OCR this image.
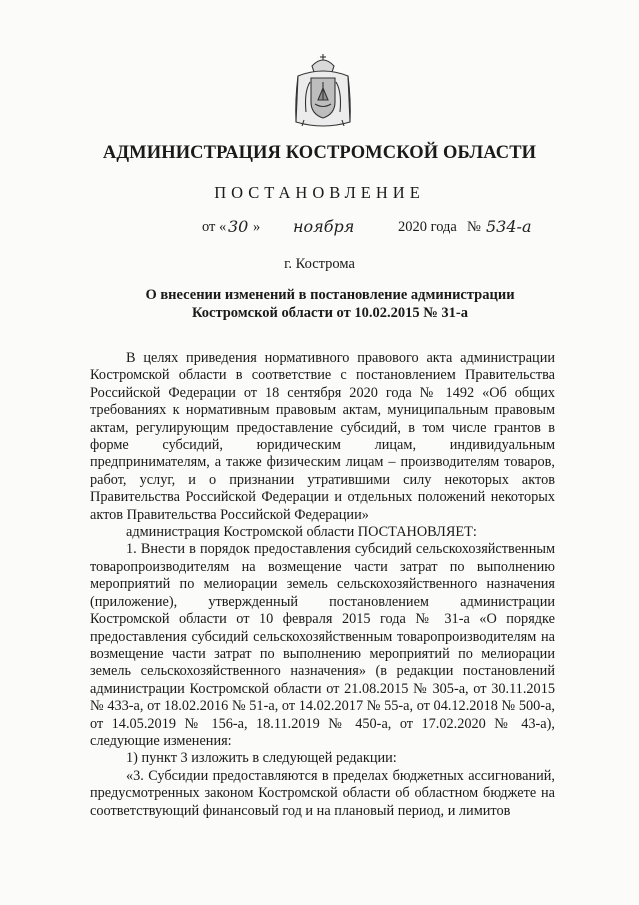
АДМИНИСТРАЦИЯ КОСТРОМСКОЙ ОБЛАСТИ
ПОСТАНОВЛЕНИЕ
от « 30 » ноября	2020 года № 534-а
г. Кострома
О внесении изменений в постановление администрации
Костромской области от 10.02.2015 № 31-а

В целях приведения нормативного правового акта администрации Костромской области в соответствие с постановлением Правительства Российской Федерации от 18 сентября 2020 года № 1492 «Об общих требованиях к нормативным правовым актам, муниципальным правовым актам, регулирующим предоставление субсидий, в том числе грантов в форме субсидий, юридическим лицам, индивидуальным предпринимателям, а также физическим лицам – производителям товаров, работ, услуг, и о признании утратившими силу некоторых актов Правительства Российской Федерации и отдельных положений некоторых актов Правительства Российской Федерации»

администрация Костромской области ПОСТАНОВЛЯЕТ:

1. Внести в порядок предоставления субсидий сельскохозяйственным товаропроизводителям на возмещение части затрат по выполнению мероприятий по мелиорации земель сельскохозяйственного назначения (приложение), утвержденный постановлением администрации Костромской области от 10 февраля 2015 года № 31-а «О порядке предоставления субсидий сельскохозяйственным товаропроизводителям на возмещение части затрат по выполнению мероприятий по мелиорации земель сельскохозяйственного назначения» (в редакции постановлений администрации Костромской области от 21.08.2015 № 305-а, от 30.11.2015 № 433-а, от 18.02.2016 № 51-а, от 14.02.2017 № 55-а, от 04.12.2018 № 500-а, от 14.05.2019 № 156-а, 18.11.2019 № 450-а, от 17.02.2020 № 43-а), следующие изменения:

1) пункт 3 изложить в следующей редакции:

«3. Субсидии предоставляются в пределах бюджетных ассигнований, предусмотренных законом Костромской области об областном бюджете на соответствующий финансовый год и на плановый период, и лимитов
